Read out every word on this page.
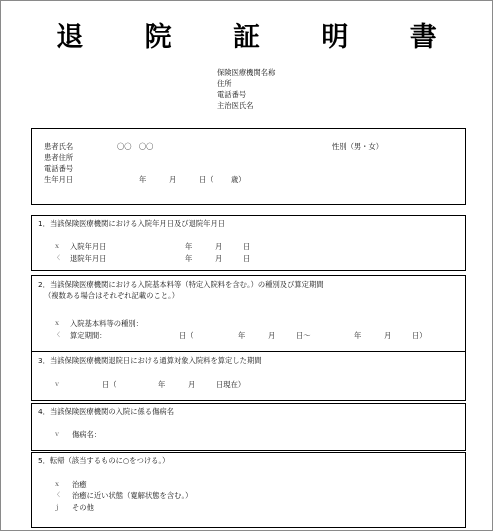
退 院 証 明 書
保険医療機関名称
住所
電話番号
主治医氏名
患者氏名	〇〇　〇〇	性別（男・女）
患者住所
電話番号
生年月日	年	月	日（ 歳）
1．当該保険医療機関における入院年月日及び退院年月日
ｘ 入院年月日	年	月	日
〈 退院年月日	年	月	日
2．当該保険医療機関における入院基本料等（特定入院料を含む。）の種別及び算定期間
（複数ある場合はそれぞれ記載のこと。）
ｘ 入院基本料等の種別：
〈 算定期間：	日（	年	月	日～	年	月	日）
3．当該保険医療機関退院日における通算対象入院料を算定した期間
ｖ	日（	年	月	日現在）
4．当該保険医療機関の入院に係る傷病名
ｖ 傷病名：
5．転帰（該当するものに○をつける。）
ｘ 治癒
〈 治癒に近い状態（寛解状態を含む。）
ｊ その他
